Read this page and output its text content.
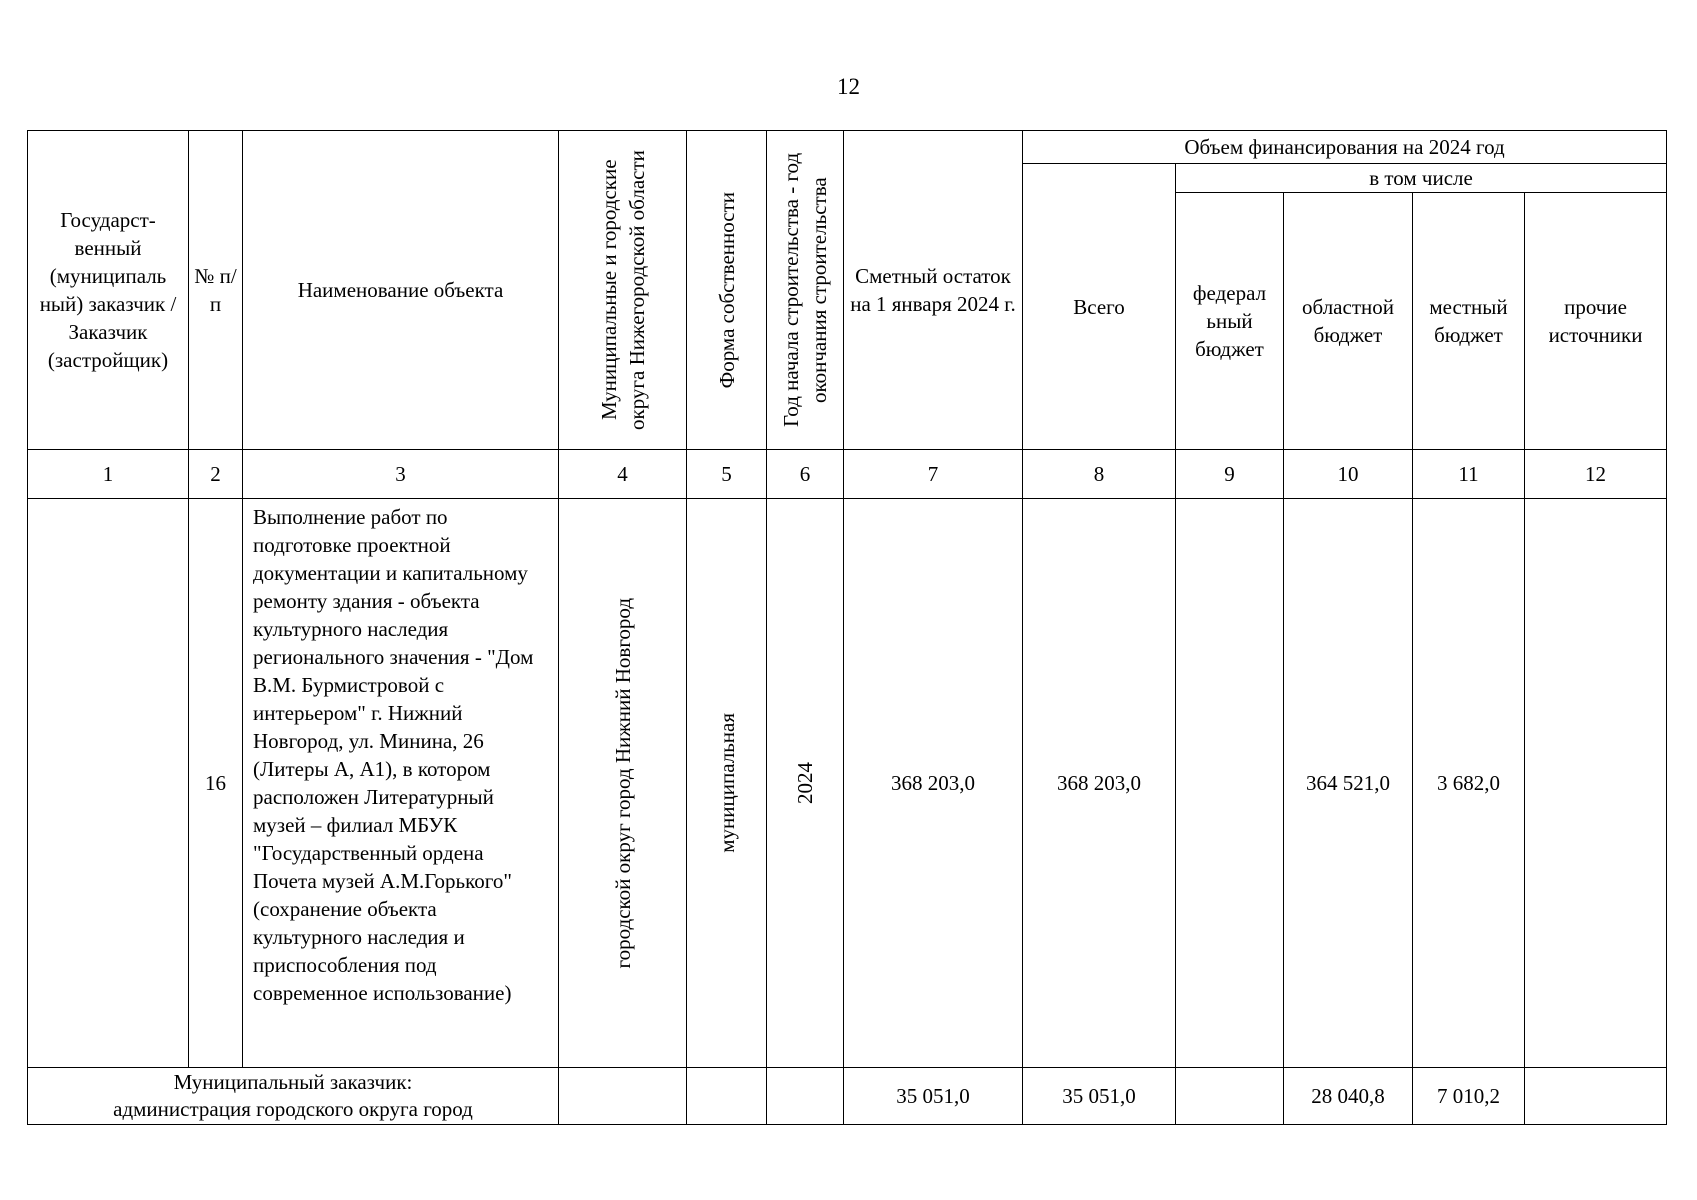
12
Государст-венный (муниципаль ный) заказчик / Заказчик (застройщик)	№ п/п	Наименование объекта	Муниципальные и городские округа Нижегородской области	Форма собственности	Год начала строительства - год окончания строительства	Сметный остаток на 1 января 2024 г.	Объем финансирования на 2024 год				
							Всего	в том числе			
								федерал ьный бюджет	областной бюджет	местный бюджет	прочие источники
1	2	3	4	5	6	7	8	9	10	11	12
	16	Выполнение работ по подготовке проектной документации и капитальному ремонту здания - объекта культурного наследия регионального значения - "Дом В.М. Бурмистровой с интерьером" г. Нижний Новгород, ул. Минина, 26 (Литеры А, А1), в котором расположен Литературный музей – филиал МБУК "Государственный ордена Почета музей А.М.Горького" (сохранение объекта культурного наследия и приспособления под современное использование)	городской округ город Нижний Новгород	муниципальная	2024	368 203,0	368 203,0		364 521,0	3 682,0	

Муниципальный заказчик:
администрация городского округа город						35 051,0	35 051,0		28 040,8	7 010,2	
